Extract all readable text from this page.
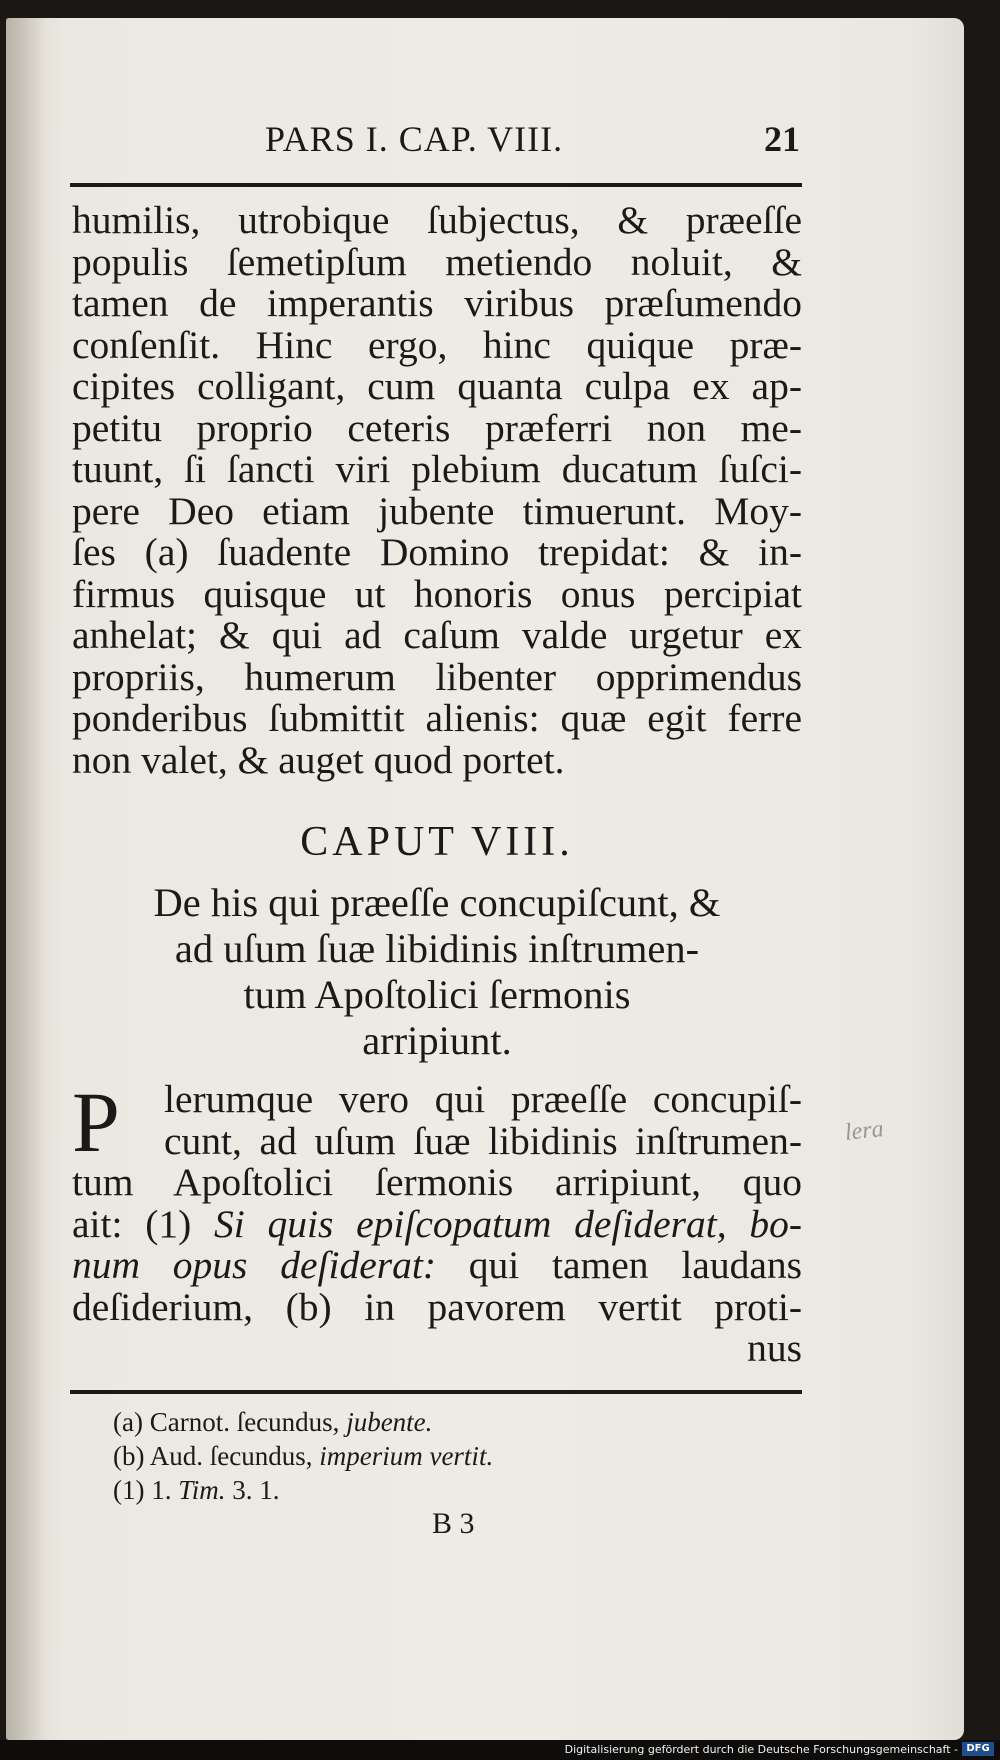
PARS I. CAP. VIII.	21
humilis, utrobique ſubjectus, & præeſſe
populis ſemetipſum metiendo noluit, &
tamen de imperantis viribus præſumendo
conſenſit. Hinc ergo, hinc quique præ-
cipites colligant, cum quanta culpa ex ap-
petitu proprio ceteris præferri non me-
tuunt, ſi ſancti viri plebium ducatum ſuſci-
pere Deo etiam jubente timuerunt. Moy-
ſes (a) ſuadente Domino trepidat: & in-
firmus quisque ut honoris onus percipiat
anhelat; & qui ad caſum valde urgetur ex
propriis, humerum libenter opprimendus
ponderibus ſubmittit alienis: quæ egit ferre
non valet, & auget quod portet.
CAPUT VIII.
De his qui præeſſe concupiſcunt, &
ad uſum ſuæ libidinis inſtrumen-
tum Apoſtolici ſermonis
arripiunt.
P	lerumque vero qui præeſſe concupiſ-
cunt, ad uſum ſuæ libidinis inſtrumen-
tum Apoſtolici ſermonis arripiunt, quo
ait: (1) Si quis epiſcopatum deſiderat, bo-
num opus deſiderat: qui tamen laudans
deſiderium, (b) in pavorem vertit proti-
nus
(a) Carnot. ſecundus, jubente.
(b) Aud. ſecundus, imperium vertit.
(1) 1. Tim. 3. 1.
B 3
lera
Digitalisierung gefördert durch die Deutsche Forschungsgemeinschaft - DFG
